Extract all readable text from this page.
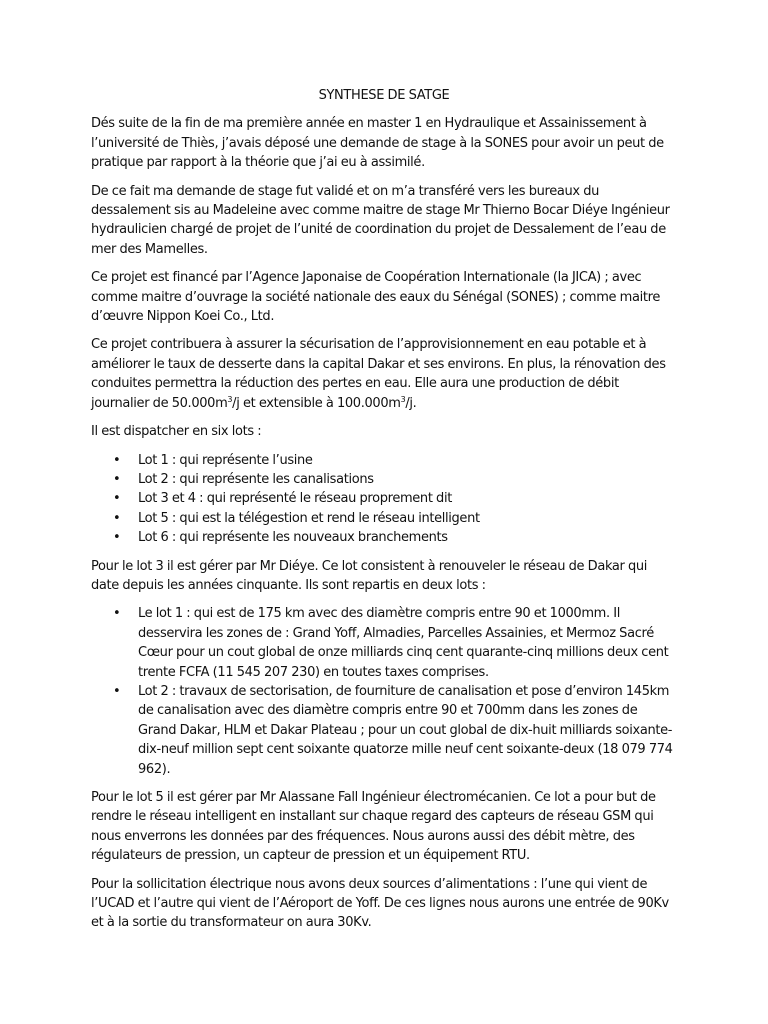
SYNTHESE DE SATGE

Dés suite de la fin de ma première année en master 1 en Hydraulique et Assainissement à l’université de Thiès, j’avais déposé une demande de stage à la SONES pour avoir un peut de pratique par rapport à la théorie que j’ai eu à assimilé.

De ce fait ma demande de stage fut validé et on m’a transféré vers les bureaux du dessalement sis au Madeleine avec comme maitre de stage Mr Thierno Bocar Diéye Ingénieur hydraulicien chargé de projet de l’unité de coordination du projet de Dessalement de l’eau de mer des Mamelles.

Ce projet est financé par l’Agence Japonaise de Coopération Internationale (la JICA) ; avec comme maitre d’ouvrage la société nationale des eaux du Sénégal (SONES) ; comme maitre d’œuvre Nippon Koei Co., Ltd.

Ce projet contribuera à assurer la sécurisation de l’approvisionnement en eau potable et à améliorer le taux de desserte dans la capital Dakar et ses environs. En plus, la rénovation des conduites permettra la réduction des pertes en eau. Elle aura une production de débit journalier de $50.000m^3/j$ et extensible à $100.000m^3/j$.

Il est dispatcher en six lots :

• Lot 1 : qui représente l’usine
• Lot 2 : qui représente les canalisations
• Lot 3 et 4 : qui représenté le réseau proprement dit
• Lot 5 : qui est la télégestion et rend le réseau intelligent
• Lot 6 : qui représente les nouveaux branchements

Pour le lot 3 il est gérer par Mr Diéye. Ce lot consistent à renouveler le réseau de Dakar qui date depuis les années cinquante. Ils sont repartis en deux lots :

• Le lot 1 : qui est de 175 km avec des diamètre compris entre 90 et 1000mm. Il desservira les zones de : Grand Yoff, Almadies, Parcelles Assainies, et Mermoz Sacré Cœur pour un cout global de onze milliards cinq cent quarante-cinq millions deux cent trente FCFA (11 545 207 230) en toutes taxes comprises.
• Lot 2 : travaux de sectorisation, de fourniture de canalisation et pose d’environ 145km de canalisation avec des diamètre compris entre 90 et 700mm dans les zones de Grand Dakar, HLM et Dakar Plateau ; pour un cout global de dix-huit milliards soixante-dix-neuf million sept cent soixante quatorze mille neuf cent soixante-deux (18 079 774 962).

Pour le lot 5 il est gérer par Mr Alassane Fall Ingénieur électromécanien. Ce lot a pour but de rendre le réseau intelligent en installant sur chaque regard des capteurs de réseau GSM qui nous enverrons les données par des fréquences. Nous aurons aussi des débit mètre, des régulateurs de pression, un capteur de pression et un équipement RTU.

Pour la sollicitation électrique nous avons deux sources d’alimentations : l’une qui vient de l’UCAD et l’autre qui vient de l’Aéroport de Yoff. De ces lignes nous aurons une entrée de 90Kv et à la sortie du transformateur on aura 30Kv.
